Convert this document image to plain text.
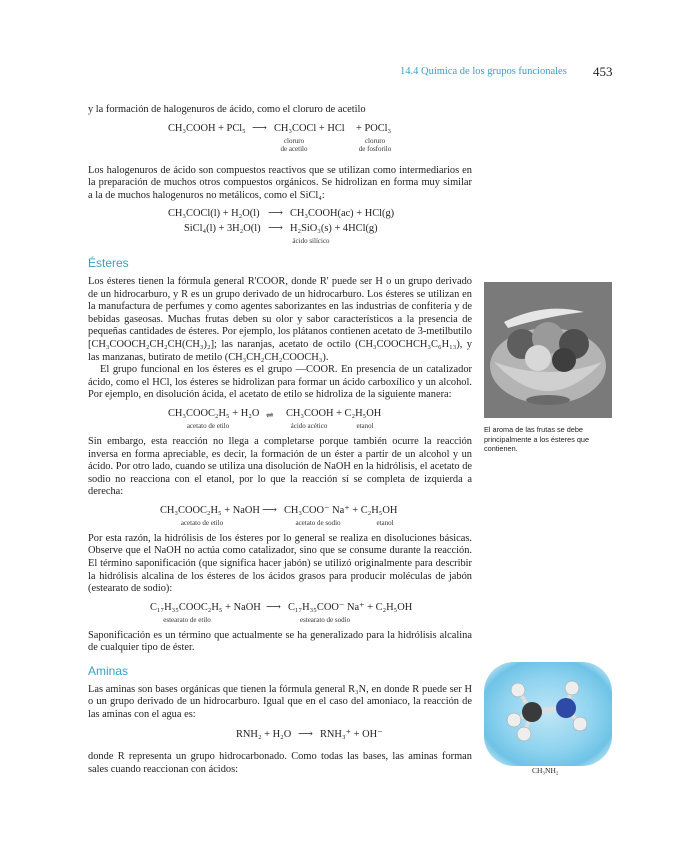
14.4 Química de los grupos funcionales 453

y la formación de halogenuros de ácido, como el cloruro de acetilo

CH₃COOH + PCl₅ ⟶ CH₃COCl + HCl + POCl₃
cloruro
de acetilo
cloruro
de fosforilo

Los halogenuros de ácido son compuestos reactivos que se utilizan como intermediarios en la preparación de muchos otros compuestos orgánicos. Se hidrolizan en forma muy similar a la de muchos halogenuros no metálicos, como el SiCl₄:

CH₃COCl(l) + H₂O(l) ⟶ CH₃COOH(ac) + HCl(g)
SiCl₄(l) + 3H₂O(l) ⟶ H₂SiO₃(s) + 4HCl(g)
ácido silícico
Ésteres

Los ésteres tienen la fórmula general R'COOR, donde R' puede ser H o un grupo derivado de un hidrocarburo, y R es un grupo derivado de un hidrocarburo. Los ésteres se utilizan en la manufactura de perfumes y como agentes saborizantes en las industrias de confitería y de bebidas gaseosas. Muchas frutas deben su olor y sabor característicos a la presencia de pequeñas cantidades de ésteres. Por ejemplo, los plátanos contienen acetato de 3-metilbutilo [CH₃COOCH₂CH₂CH(CH₃)₂]; las naranjas, acetato de octilo (CH₃COOCHCH₃C₆H₁₃), y las manzanas, butirato de metilo (CH₃CH₂CH₂COOCH₃).

El grupo funcional en los ésteres es el grupo —COOR. En presencia de un catalizador ácido, como el HCl, los ésteres se hidrolizan para formar un ácido carboxílico y un alcohol. Por ejemplo, en disolución ácida, el acetato de etilo se hidroliza de la siguiente manera:

CH₃COOC₂H₅ + H₂O ⇌ CH₃COOH + C₂H₅OH
acetato de etilo	ácido acético	etanol

Sin embargo, esta reacción no llega a completarse porque también ocurre la reacción inversa en forma apreciable, es decir, la formación de un éster a partir de un alcohol y un ácido. Por otro lado, cuando se utiliza una disolución de NaOH en la hidrólisis, el acetato de sodio no reacciona con el etanol, por lo que la reacción sí se completa de izquierda a derecha:

CH₃COOC₂H₅ + NaOH ⟶ CH₃COO⁻ Na⁺ + C₂H₅OH
acetato de etilo	acetato de sodio	etanol

Por esta razón, la hidrólisis de los ésteres por lo general se realiza en disoluciones básicas. Observe que el NaOH no actúa como catalizador, sino que se consume durante la reacción. El término saponificación (que significa hacer jabón) se utilizó originalmente para describir la hidrólisis alcalina de los ésteres de los ácidos grasos para producir moléculas de jabón (estearato de sodio):

C₁₇H₃₅COOC₂H₅ + NaOH ⟶ C₁₇H₃₅COO⁻ Na⁺ + C₂H₅OH
estearato de etilo	estearato de sodio

Saponificación es un término que actualmente se ha generalizado para la hidrólisis alcalina de cualquier tipo de éster.

Aminas

Las aminas son bases orgánicas que tienen la fórmula general R₃N, en donde R puede ser H o un grupo derivado de un hidrocarburo. Igual que en el caso del amoniaco, la reacción de las aminas con el agua es:

RNH₂ + H₂O ⟶ RNH₃⁺ + OH⁻

donde R representa un grupo hidrocarbonado. Como todas las bases, las aminas forman sales cuando reaccionan con ácidos:

El aroma de las frutas se debe principalmente a los ésteres que contienen.
CH₃NH₂
